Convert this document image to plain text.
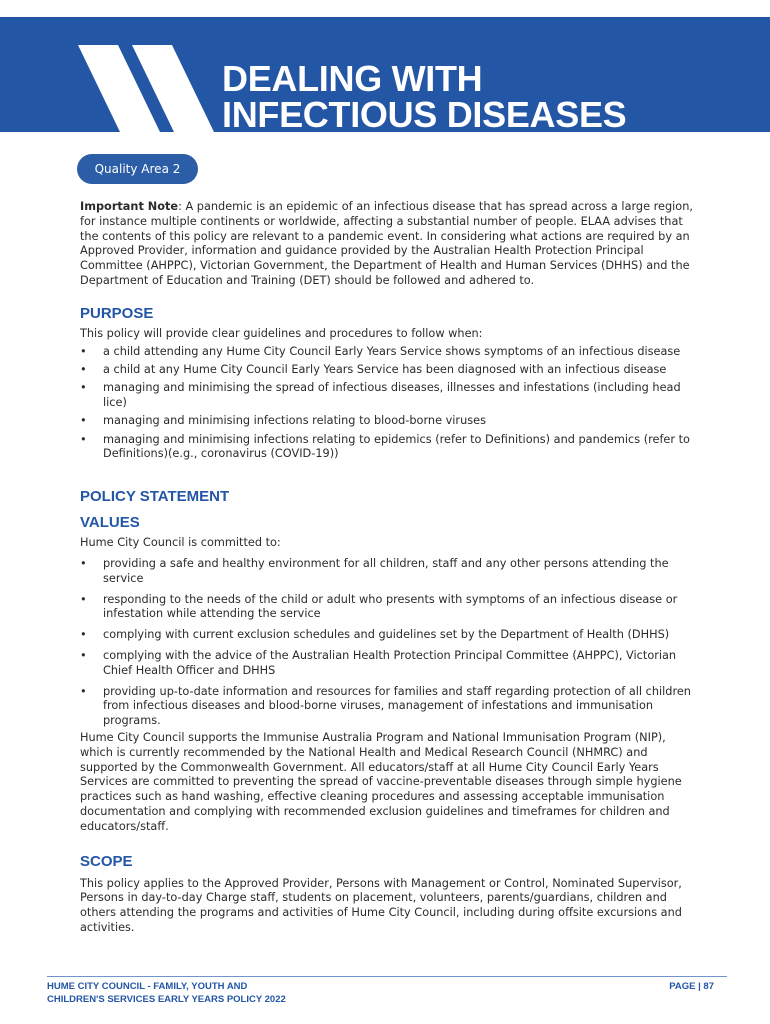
DEALING WITH
INFECTIOUS DISEASES
Quality Area 2

Important Note: A pandemic is an epidemic of an infectious disease that has spread across a large region, for instance multiple continents or worldwide, affecting a substantial number of people. ELAA advises that the contents of this policy are relevant to a pandemic event. In considering what actions are required by an Approved Provider, information and guidance provided by the Australian Health Protection Principal Committee (AHPPC), Victorian Government, the Department of Health and Human Services (DHHS) and the Department of Education and Training (DET) should be followed and adhered to.

PURPOSE

This policy will provide clear guidelines and procedures to follow when:

• a child attending any Hume City Council Early Years Service shows symptoms of an infectious disease
• a child at any Hume City Council Early Years Service has been diagnosed with an infectious disease
• managing and minimising the spread of infectious diseases, illnesses and infestations (including head lice)
• managing and minimising infections relating to blood-borne viruses
• managing and minimising infections relating to epidemics (refer to Definitions) and pandemics (refer to Definitions)(e.g., coronavirus (COVID-19))
POLICY STATEMENT
VALUES

Hume City Council is committed to:

• providing a safe and healthy environment for all children, staff and any other persons attending the service
• responding to the needs of the child or adult who presents with symptoms of an infectious disease or infestation while attending the service
• complying with current exclusion schedules and guidelines set by the Department of Health (DHHS)
• complying with the advice of the Australian Health Protection Principal Committee (AHPPC), Victorian Chief Health Officer and DHHS
• providing up-to-date information and resources for families and staff regarding protection of all children from infectious diseases and blood-borne viruses, management of infestations and immunisation programs.

Hume City Council supports the Immunise Australia Program and National Immunisation Program (NIP), which is currently recommended by the National Health and Medical Research Council (NHMRC) and supported by the Commonwealth Government. All educators/staff at all Hume City Council Early Years Services are committed to preventing the spread of vaccine-preventable diseases through simple hygiene practices such as hand washing, effective cleaning procedures and assessing acceptable immunisation documentation and complying with recommended exclusion guidelines and timeframes for children and educators/staff.

SCOPE

This policy applies to the Approved Provider, Persons with Management or Control, Nominated Supervisor, Persons in day-to-day Charge staff, students on placement, volunteers, parents/guardians, children and others attending the programs and activities of Hume City Council, including during offsite excursions and activities.

HUME CITY COUNCIL - FAMILY, YOUTH AND
CHILDREN'S SERVICES EARLY YEARS POLICY 2022
PAGE | 87
